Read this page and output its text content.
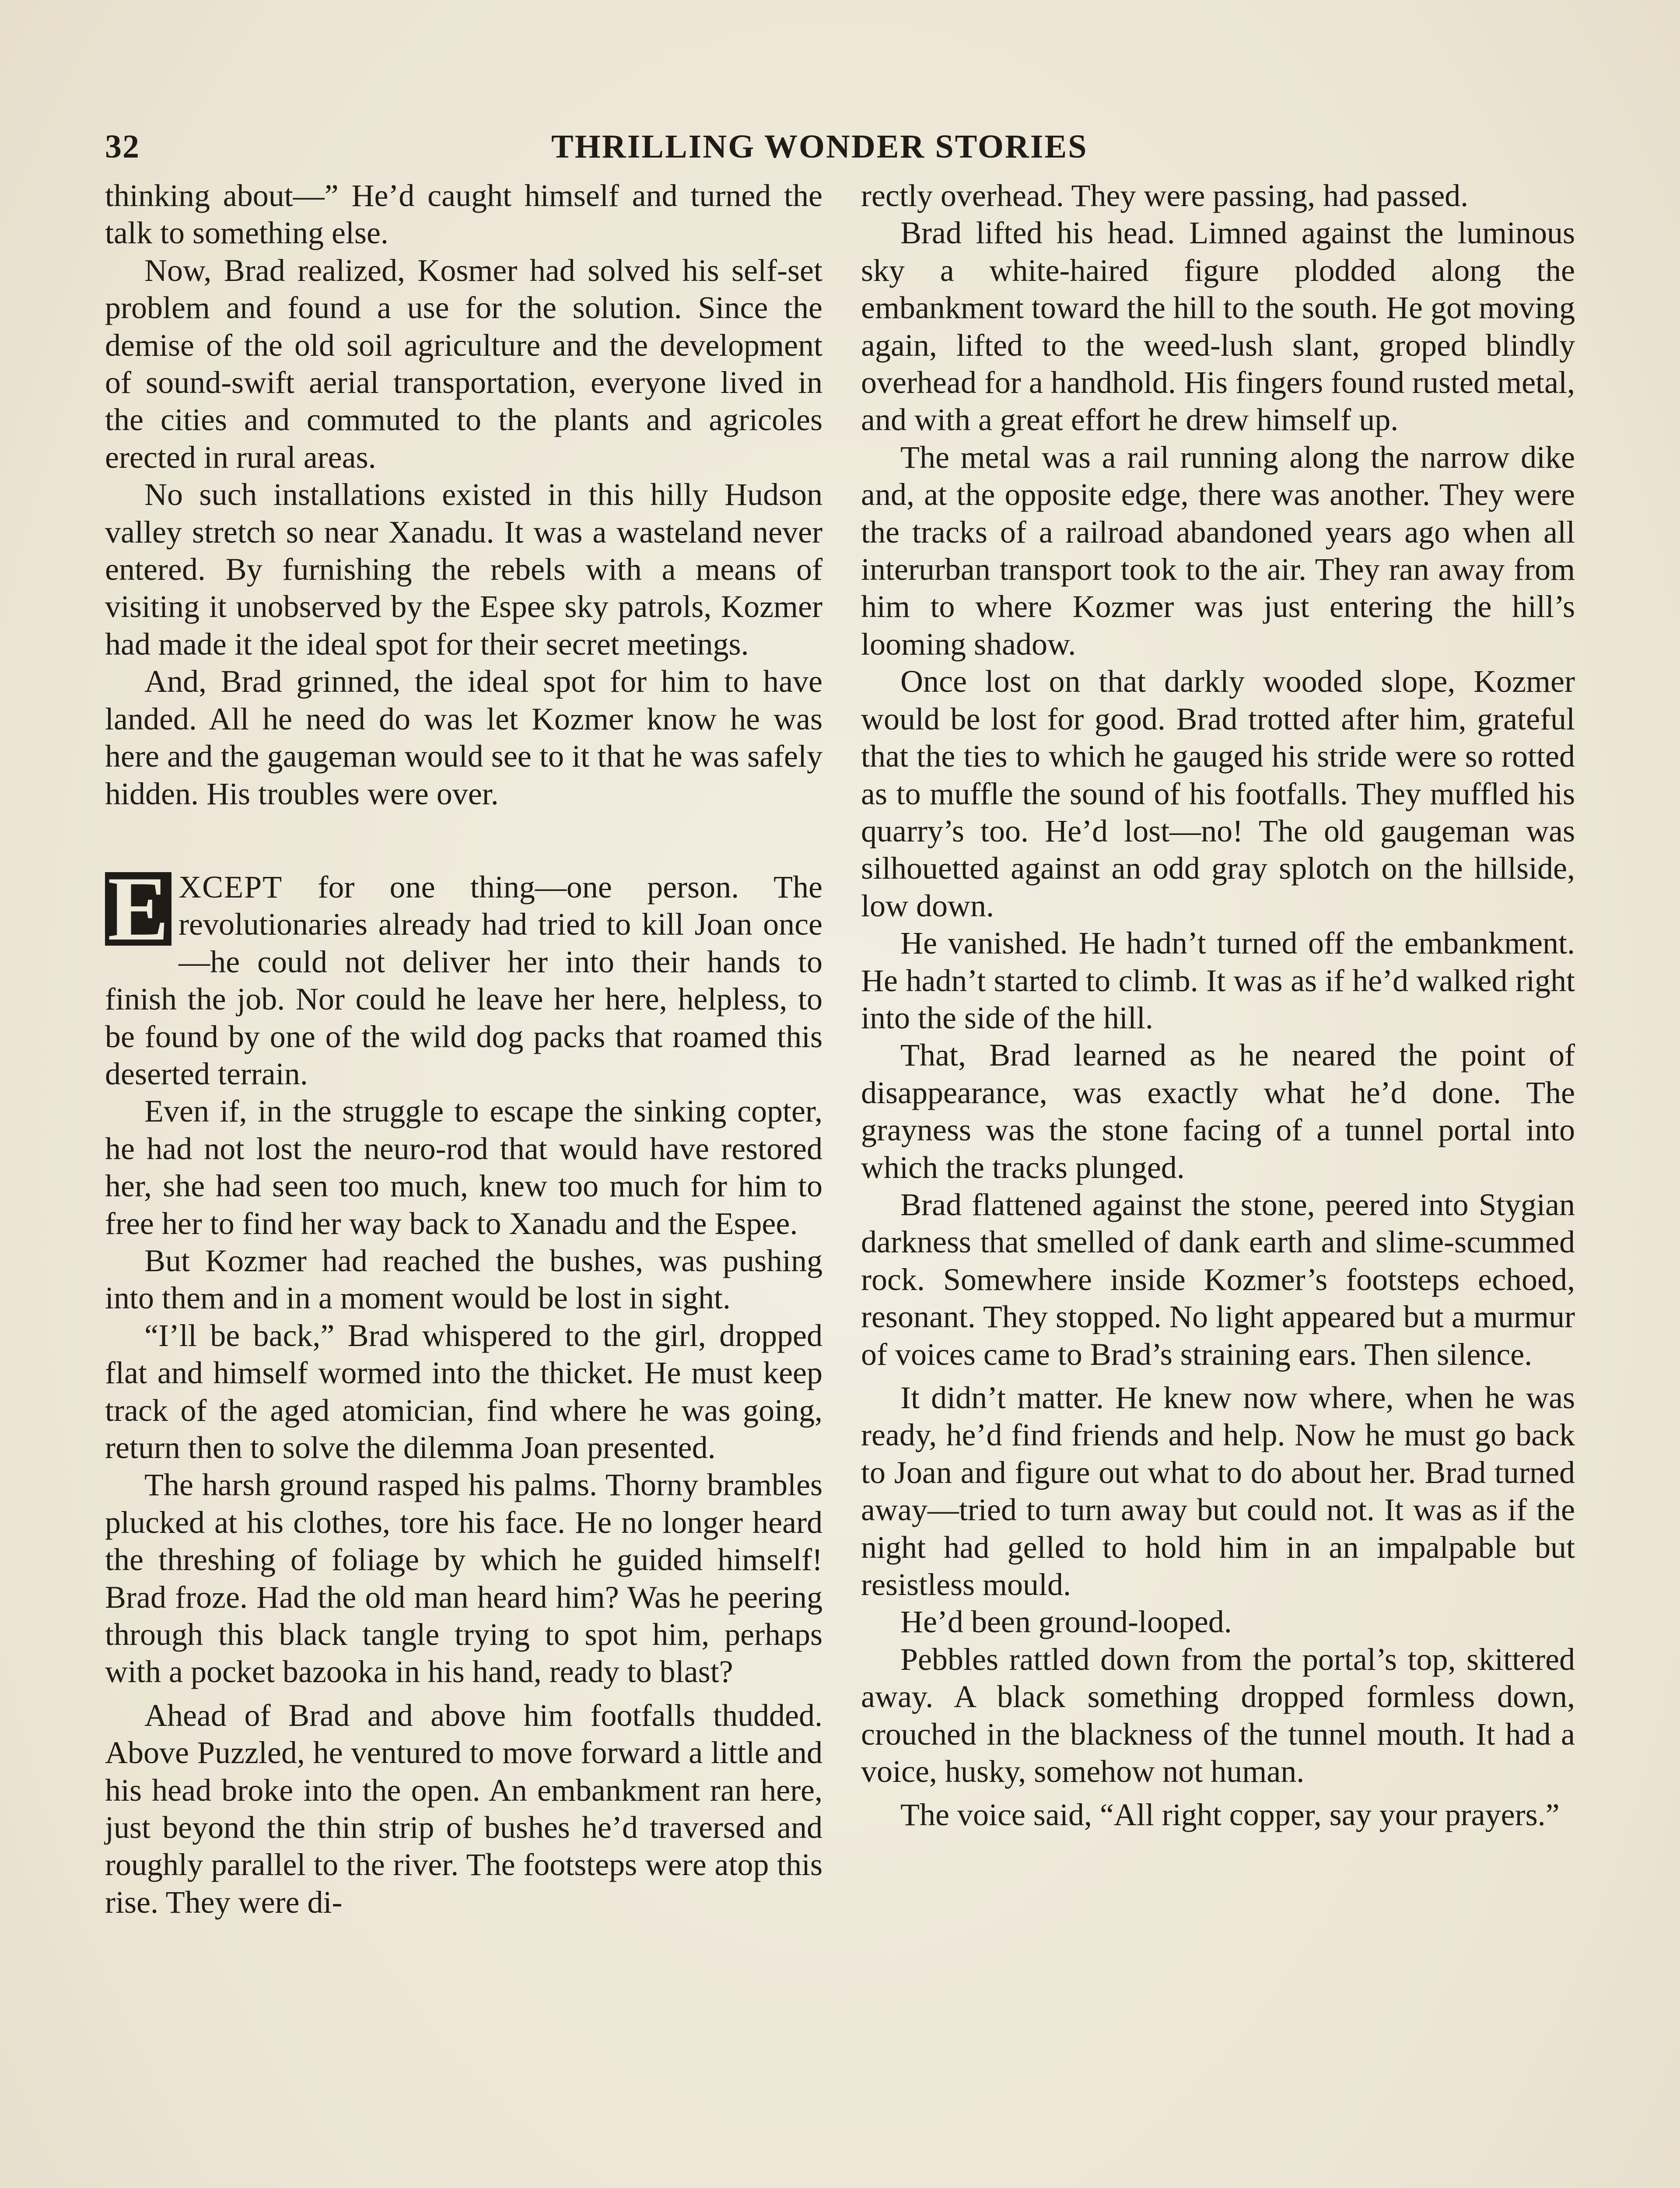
32	THRILLING WONDER STORIES

thinking about—” He’d caught himself and turned the talk to something else.

Now, Brad realized, Kosmer had solved his self-set problem and found a use for the solution. Since the demise of the old soil agriculture and the development of sound-swift aerial transportation, everyone lived in the cities and commuted to the plants and agricoles erected in rural areas.

No such installations existed in this hilly Hudson valley stretch so near Xanadu. It was a wasteland never entered. By furnishing the rebels with a means of visiting it unobserved by the Espee sky patrols, Kozmer had made it the ideal spot for their secret meetings.

And, Brad grinned, the ideal spot for him to have landed. All he need do was let Kozmer know he was here and the gaugeman would see to it that he was safely hidden. His troubles were over.

E XCEPT for one thing—one person. The revolutionaries already had tried to kill Joan once—he could not deliver her into their hands to finish the job. Nor could he leave her here, helpless, to be found by one of the wild dog packs that roamed this deserted terrain.

Even if, in the struggle to escape the sinking copter, he had not lost the neuro-rod that would have restored her, she had seen too much, knew too much for him to free her to find her way back to Xanadu and the Espee.

But Kozmer had reached the bushes, was pushing into them and in a moment would be lost in sight.

“I’ll be back,” Brad whispered to the girl, dropped flat and himself wormed into the thicket. He must keep track of the aged atomician, find where he was going, return then to solve the dilemma Joan presented.

The harsh ground rasped his palms. Thorny brambles plucked at his clothes, tore his face. He no longer heard the threshing of foliage by which he guided himself! Brad froze. Had the old man heard him? Was he peering through this black tangle trying to spot him, perhaps with a pocket bazooka in his hand, ready to blast?

Ahead of Brad and above him footfalls thudded. Above Puzzled, he ventured to move forward a little and his head broke into the open. An embankment ran here, just beyond the thin strip of bushes he’d traversed and roughly parallel to the river. The footsteps were atop this rise. They were di-

rectly overhead. They were passing, had passed.

Brad lifted his head. Limned against the luminous sky a white-haired figure plodded along the embankment toward the hill to the south. He got moving again, lifted to the weed-lush slant, groped blindly overhead for a handhold. His fingers found rusted metal, and with a great effort he drew himself up.

The metal was a rail running along the narrow dike and, at the opposite edge, there was another. They were the tracks of a railroad abandoned years ago when all interurban transport took to the air. They ran away from him to where Kozmer was just entering the hill’s looming shadow.

Once lost on that darkly wooded slope, Kozmer would be lost for good. Brad trotted after him, grateful that the ties to which he gauged his stride were so rotted as to muffle the sound of his footfalls. They muffled his quarry’s too. He’d lost—no! The old gaugeman was silhouetted against an odd gray splotch on the hillside, low down.

He vanished. He hadn’t turned off the embankment. He hadn’t started to climb. It was as if he’d walked right into the side of the hill.

That, Brad learned as he neared the point of disappearance, was exactly what he’d done. The grayness was the stone facing of a tunnel portal into which the tracks plunged.

Brad flattened against the stone, peered into Stygian darkness that smelled of dank earth and slime-scummed rock. Somewhere inside Kozmer’s footsteps echoed, resonant. They stopped. No light appeared but a murmur of voices came to Brad’s straining ears. Then silence.

It didn’t matter. He knew now where, when he was ready, he’d find friends and help. Now he must go back to Joan and figure out what to do about her. Brad turned away—tried to turn away but could not. It was as if the night had gelled to hold him in an impalpable but resistless mould.

He’d been ground-looped.

Pebbles rattled down from the portal’s top, skittered away. A black something dropped formless down, crouched in the blackness of the tunnel mouth. It had a voice, husky, somehow not human.

The voice said, “All right copper, say your prayers.”
